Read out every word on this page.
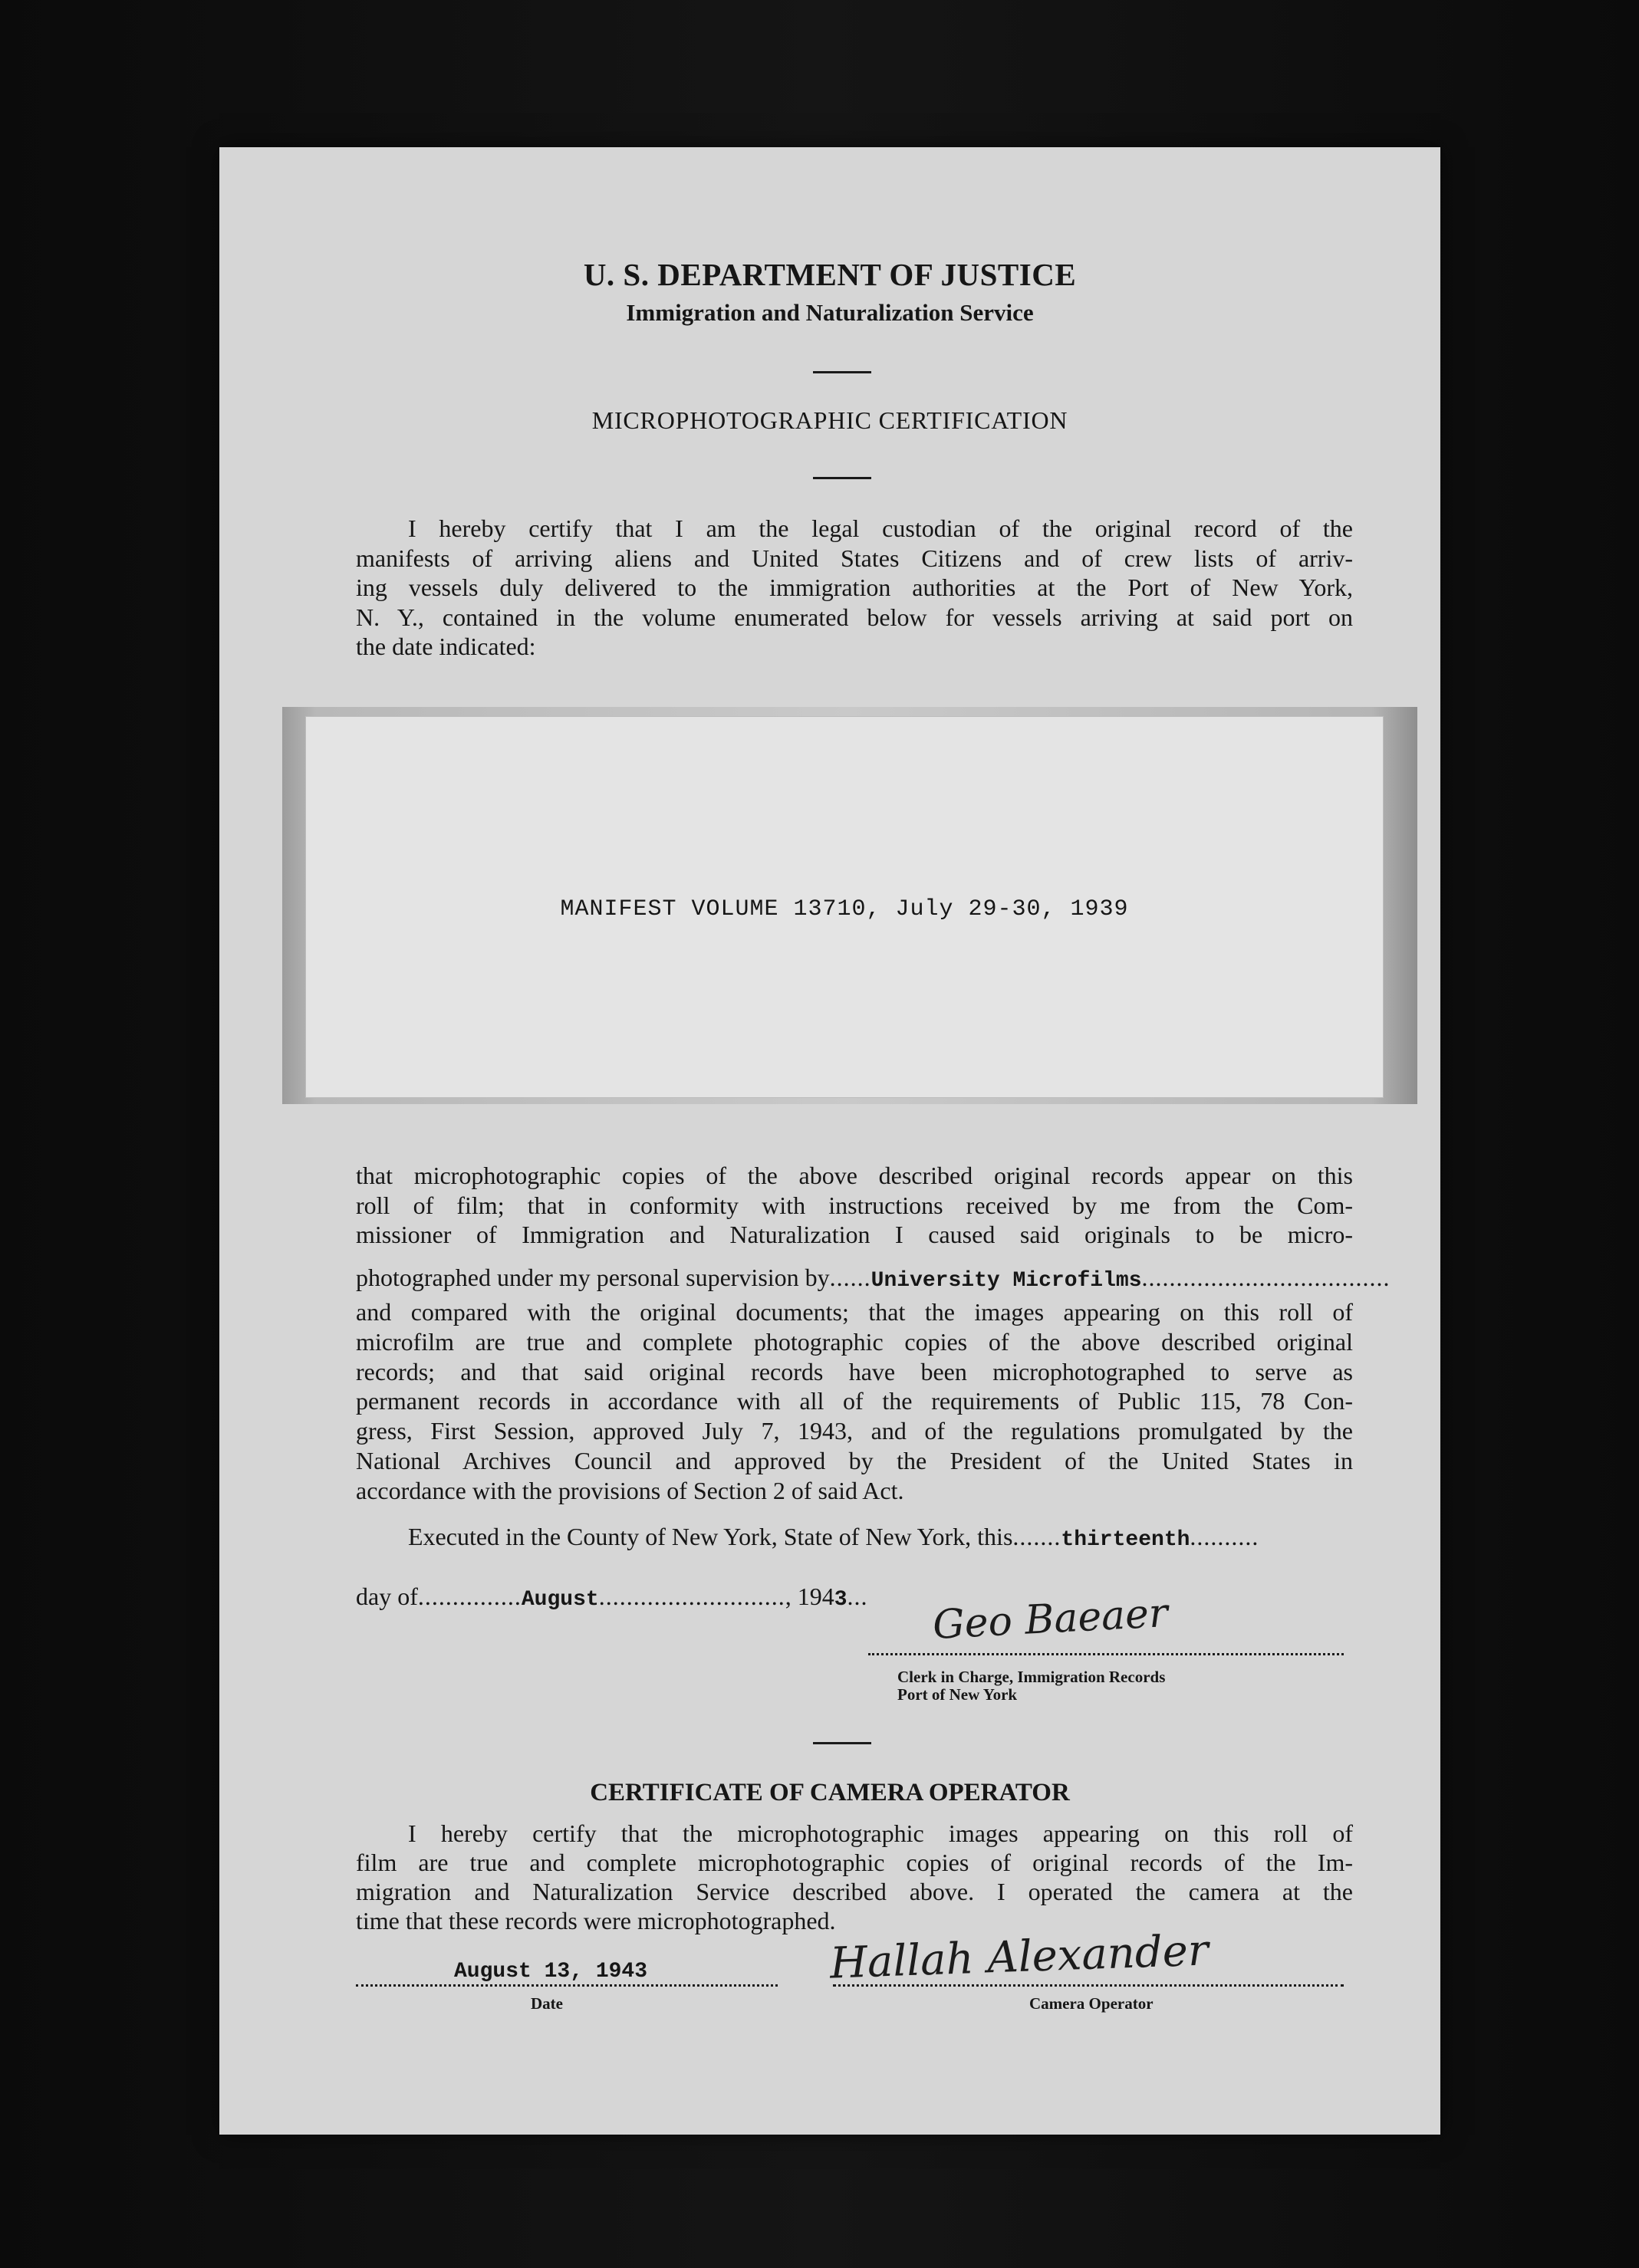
U. S. DEPARTMENT OF JUSTICE
Immigration and Naturalization Service
MICROPHOTOGRAPHIC CERTIFICATION
I hereby certify that I am the legal custodian of the original record of the
manifests of arriving aliens and United States Citizens and of crew lists of arriv-
ing vessels duly delivered to the immigration authorities at the Port of New York,
N. Y., contained in the volume enumerated below for vessels arriving at said port on
the date indicated:
MANIFEST VOLUME 13710, July 29-30, 1939
that microphotographic copies of the above described original records appear on this
roll of film; that in conformity with instructions received by me from the Com-
missioner of Immigration and Naturalization I caused said originals to be micro-
photographed under my personal supervision by ...... University Microfilms ....................................
and compared with the original documents; that the images appearing on this roll of
microfilm are true and complete photographic copies of the above described original
records; and that said original records have been microphotographed to serve as
permanent records in accordance with all of the requirements of Public 115, 78 Con-
gress, First Session, approved July 7, 1943, and of the regulations promulgated by the
National Archives Council and approved by the President of the United States in
accordance with the provisions of Section 2 of said Act.
Executed in the County of New York, State of New York, this ....... thirteenth ..........
day of ............... August ........................... , 194 3 ... Geo Baeaer
Clerk in Charge, Immigration Records
Port of New York
CERTIFICATE OF CAMERA OPERATOR
I hereby certify that the microphotographic images appearing on this roll of
film are true and complete microphotographic copies of original records of the Im-
migration and Naturalization Service described above. I operated the camera at the
time that these records were microphotographed.
August 13, 1943
Date
Hallah Alexander
Camera Operator
